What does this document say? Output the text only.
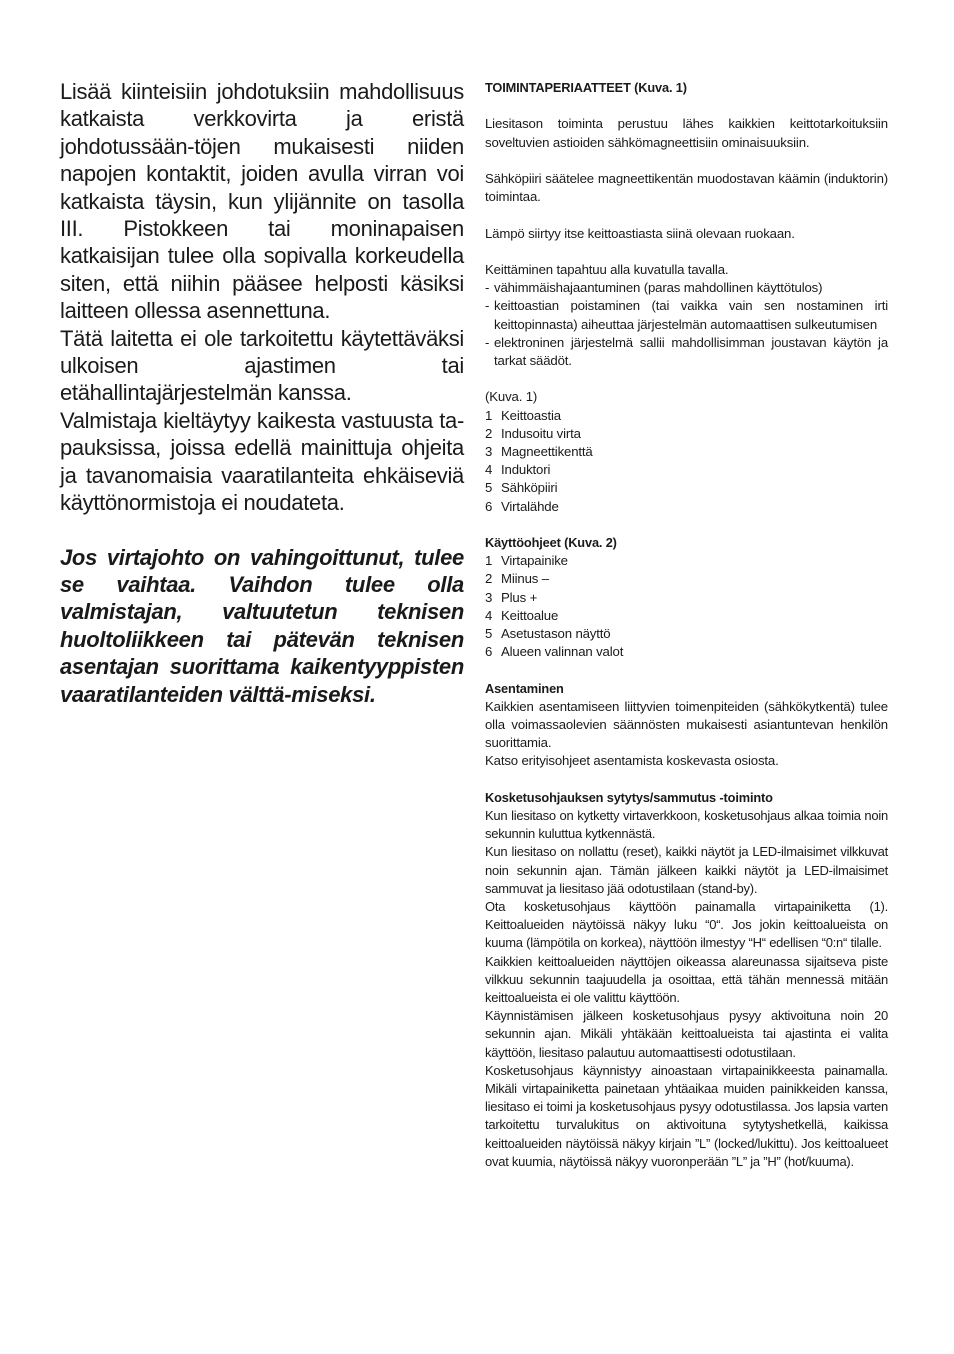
Lisää kiinteisiin johdotuksiin mahdollisuus katkaista verkkovirta ja eristä johdotussään-töjen mukaisesti niiden napojen kontaktit, joiden avulla virran voi katkaista täysin, kun ylijännite on tasolla III. Pistokkeen tai moninapaisen katkaisijan tulee olla sopivalla korkeudella siten, että niihin pääsee helposti käsiksi laitteen ollessa asennettuna.

Tätä laitetta ei ole tarkoitettu käytettäväksi ulkoisen ajastimen tai etähallintajärjestelmän kanssa.

Valmistaja kieltäytyy kaikesta vastuusta ta-pauksissa, joissa edellä mainittuja ohjeita ja tavanomaisia vaaratilanteita ehkäiseviä käyttönormistoja ei noudateta.

Jos virtajohto on vahingoittunut, tulee se vaihtaa. Vaihdon tulee olla valmistajan, valtuutetun teknisen huoltoliikkeen tai pätevän teknisen asentajan suorittama kaikentyyppisten vaaratilanteiden välttä-miseksi.

TOIMINTAPERIAATTEET (Kuva. 1)

Liesitason toiminta perustuu lähes kaikkien keittotarkoituksiin soveltuvien astioiden sähkömagneettisiin ominaisuuksiin.

Sähköpiiri säätelee magneettikentän muodostavan käämin (induktorin) toimintaa.

Lämpö siirtyy itse keittoastiasta siinä olevaan ruokaan.

Keittäminen tapahtuu alla kuvatulla tavalla.

- vähimmäishajaantuminen (paras mahdollinen käyttötulos)
- keittoastian poistaminen (tai vaikka vain sen nostaminen irti keittopinnasta) aiheuttaa järjestelmän automaattisen sulkeutumisen
- elektroninen järjestelmä sallii mahdollisimman joustavan käytön ja tarkat säädöt.

(Kuva. 1)

1 Keittoastia
2 Indusoitu virta
3 Magneettikenttä
4 Induktori
5 Sähköpiiri
6 Virtalähde

Käyttöohjeet (Kuva. 2)

1 Virtapainike
2 Miinus –
3 Plus +
4 Keittoalue
5 Asetustason näyttö
6 Alueen valinnan valot

Asentaminen

Kaikkien asentamiseen liittyvien toimenpiteiden (sähkökytkentä) tulee olla voimassaolevien säännösten mukaisesti asiantuntevan henkilön suorittamia.

Katso erityisohjeet asentamista koskevasta osiosta.

Kosketusohjauksen sytytys/sammutus -toiminto

Kun liesitaso on kytketty virtaverkkoon, kosketusohjaus alkaa toimia noin sekunnin kuluttua kytkennästä.

Kun liesitaso on nollattu (reset), kaikki näytöt ja LED-ilmaisimet vilkkuvat noin sekunnin ajan. Tämän jälkeen kaikki näytöt ja LED-ilmaisimet sammuvat ja liesitaso jää odotustilaan (stand-by).

Ota kosketusohjaus käyttöön painamalla virtapainiketta (1). Keittoalueiden näytöissä näkyy luku “0“. Jos jokin keittoalueista on kuuma (lämpötila on korkea), näyttöön ilmestyy “H“ edellisen “0:n“ tilalle.

Kaikkien keittoalueiden näyttöjen oikeassa alareunassa sijaitseva piste vilkkuu sekunnin taajuudella ja osoittaa, että tähän mennessä mitään keittoalueista ei ole valittu käyttöön.

Käynnistämisen jälkeen kosketusohjaus pysyy aktivoituna noin 20 sekunnin ajan. Mikäli yhtäkään keittoalueista tai ajastinta ei valita käyttöön, liesitaso palautuu automaattisesti odotustilaan.

Kosketusohjaus käynnistyy ainoastaan virtapainikkeesta painamalla. Mikäli virtapainiketta painetaan yhtäaikaa muiden painikkeiden kanssa, liesitaso ei toimi ja kosketusohjaus pysyy odotustilassa. Jos lapsia varten tarkoitettu turvalukitus on aktivoituna sytytyshetkellä, kaikissa keittoalueiden näytöissä näkyy kirjain ”L” (locked/lukittu). Jos keittoalueet ovat kuumia, näytöissä näkyy vuoronperään ”L” ja ”H” (hot/kuuma).
